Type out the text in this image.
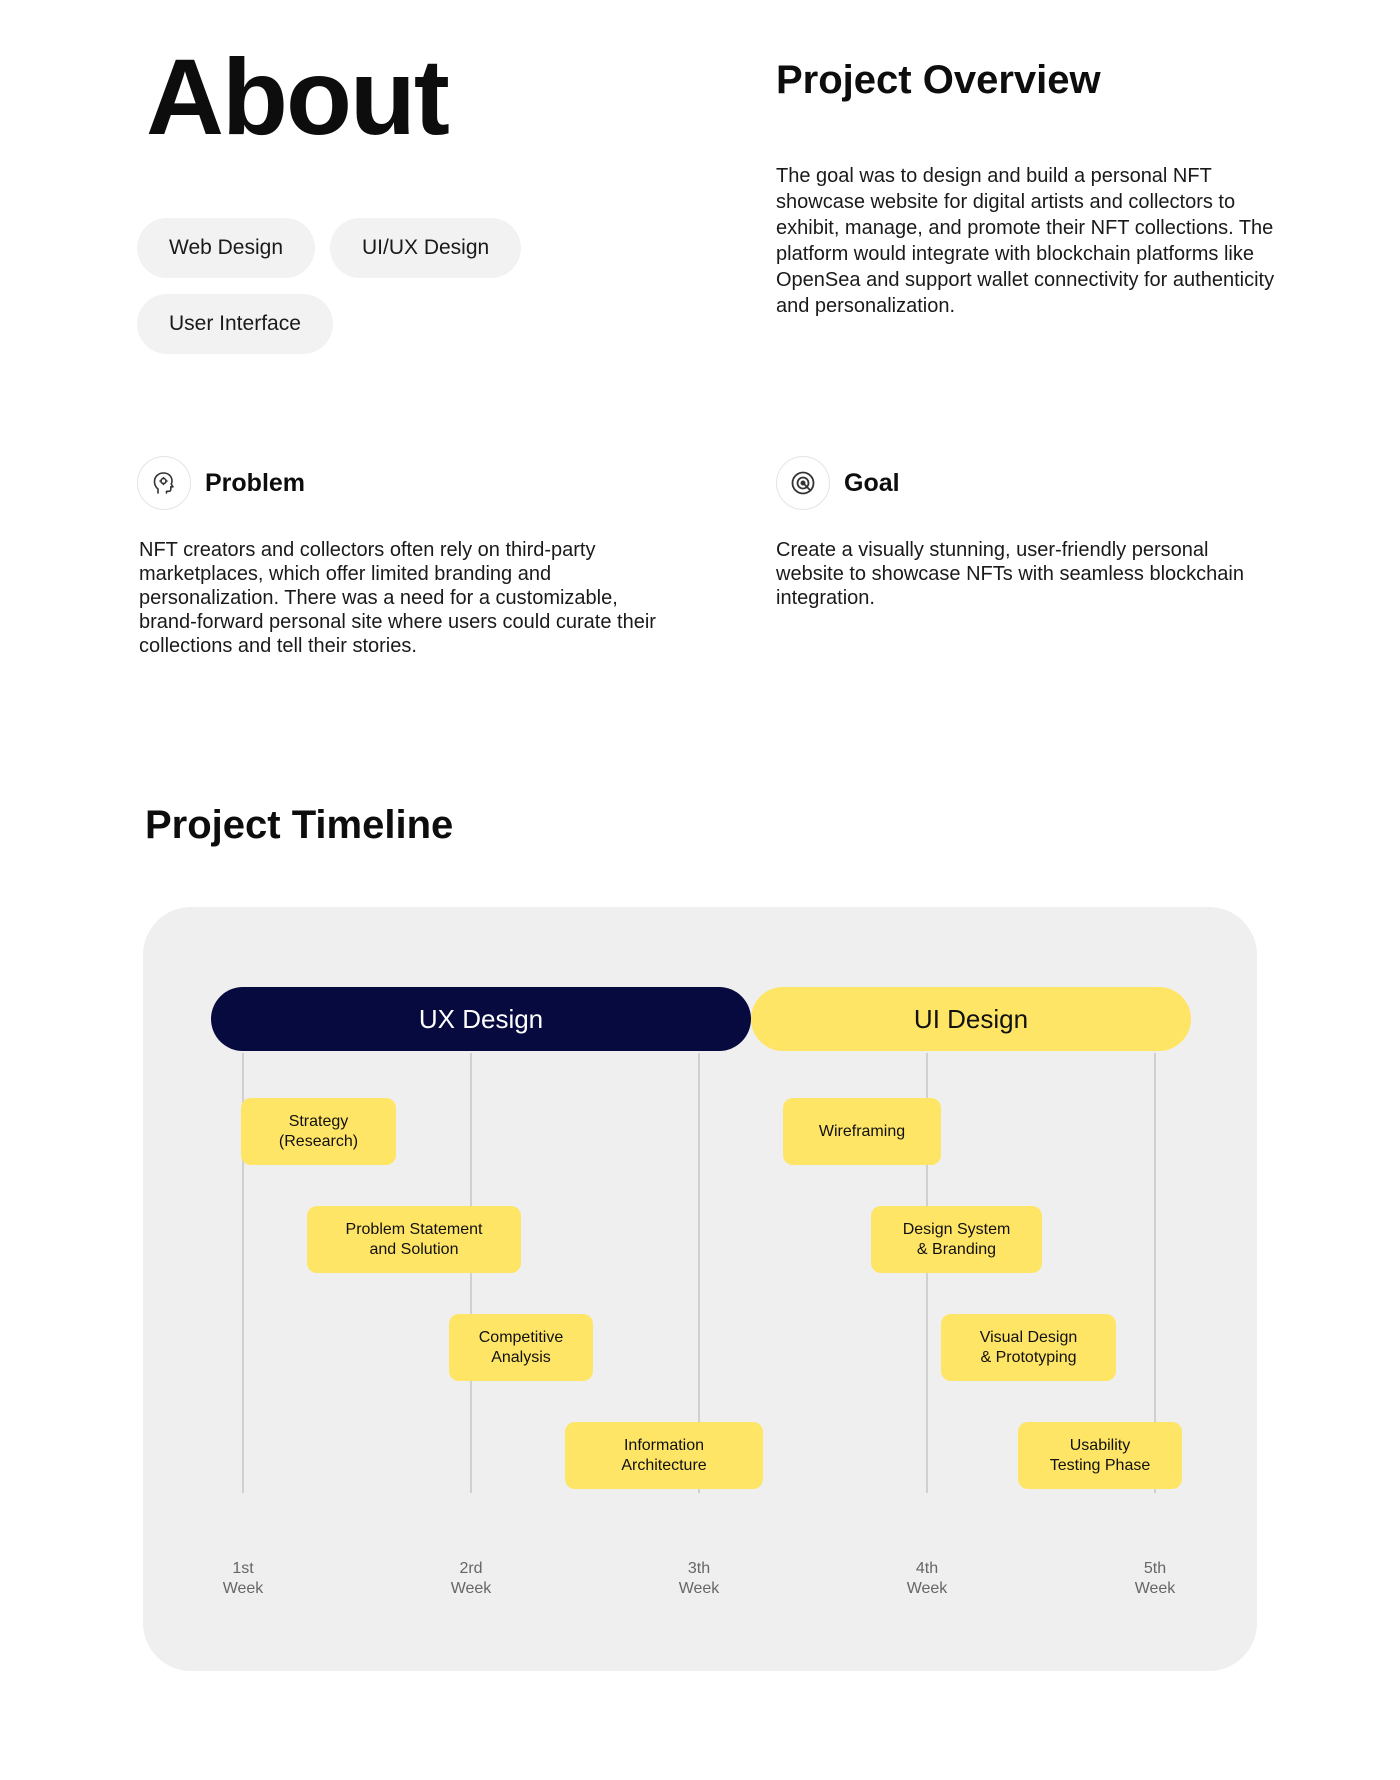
About
Web Design	UI/UX Design
User Interface
Project Overview

The goal was to design and build a personal NFT showcase website for digital artists and collectors to exhibit, manage, and promote their NFT collections. The platform would integrate with blockchain platforms like OpenSea and support wallet connectivity for authenticity and personalization.

Problem

NFT creators and collectors often rely on third-party marketplaces, which offer limited branding and personalization. There was a need for a customizable, brand-forward personal site where users could curate their collections and tell their stories.

Goal

Create a visually stunning, user-friendly personal website to showcase NFTs with seamless blockchain integration.

Project Timeline
UX Design	UI Design
Strategy
(Research)
Problem Statement
and Solution
Competitive
Analysis
Information
Architecture
Wireframing
Design System
& Branding
Visual Design
& Prototyping
Usability
Testing Phase
1st
Week
2rd
Week
3th
Week
4th
Week
5th
Week
